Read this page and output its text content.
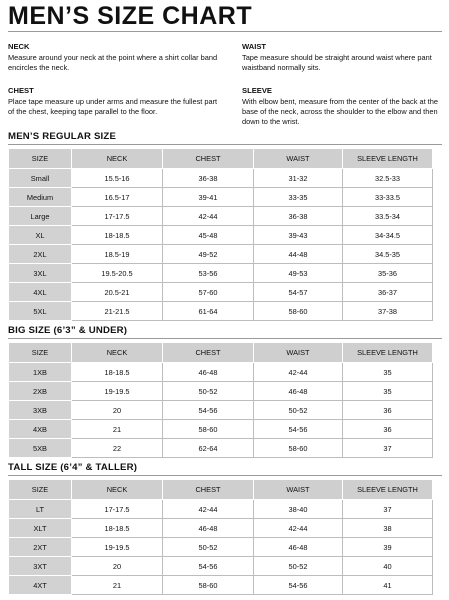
MEN’S SIZE CHART
NECK
Measure around your neck at the point where a shirt collar band encircles the neck.
CHEST
Place tape measure up under arms and measure the fullest part of the chest, keeping tape parallel to the floor.
WAIST
Tape measure should be straight around waist where pant waistband normally sits.
SLEEVE
With elbow bent, measure from the center of the back at the base of the neck, across the shoulder to the elbow and then down to the wrist.
MEN’S REGULAR SIZE
SIZE	NECK	CHEST	WAIST	SLEEVE LENGTH
Small	15.5-16	36-38	31-32	32.5-33
Medium	16.5-17	39-41	33-35	33-33.5
Large	17-17.5	42-44	36-38	33.5-34
XL	18-18.5	45-48	39-43	34-34.5
2XL	18.5-19	49-52	44-48	34.5-35
3XL	19.5-20.5	53-56	49-53	35-36
4XL	20.5-21	57-60	54-57	36-37
5XL	21-21.5	61-64	58-60	37-38
BIG SIZE (6’3” & UNDER)
SIZE	NECK	CHEST	WAIST	SLEEVE LENGTH
1XB	18-18.5	46-48	42-44	35
2XB	19-19.5	50-52	46-48	35
3XB	20	54-56	50-52	36
4XB	21	58-60	54-56	36
5XB	22	62-64	58-60	37
TALL SIZE (6’4” & TALLER)
SIZE	NECK	CHEST	WAIST	SLEEVE LENGTH
LT	17-17.5	42-44	38-40	37
XLT	18-18.5	46-48	42-44	38
2XT	19-19.5	50-52	46-48	39
3XT	20	54-56	50-52	40
4XT	21	58-60	54-56	41
